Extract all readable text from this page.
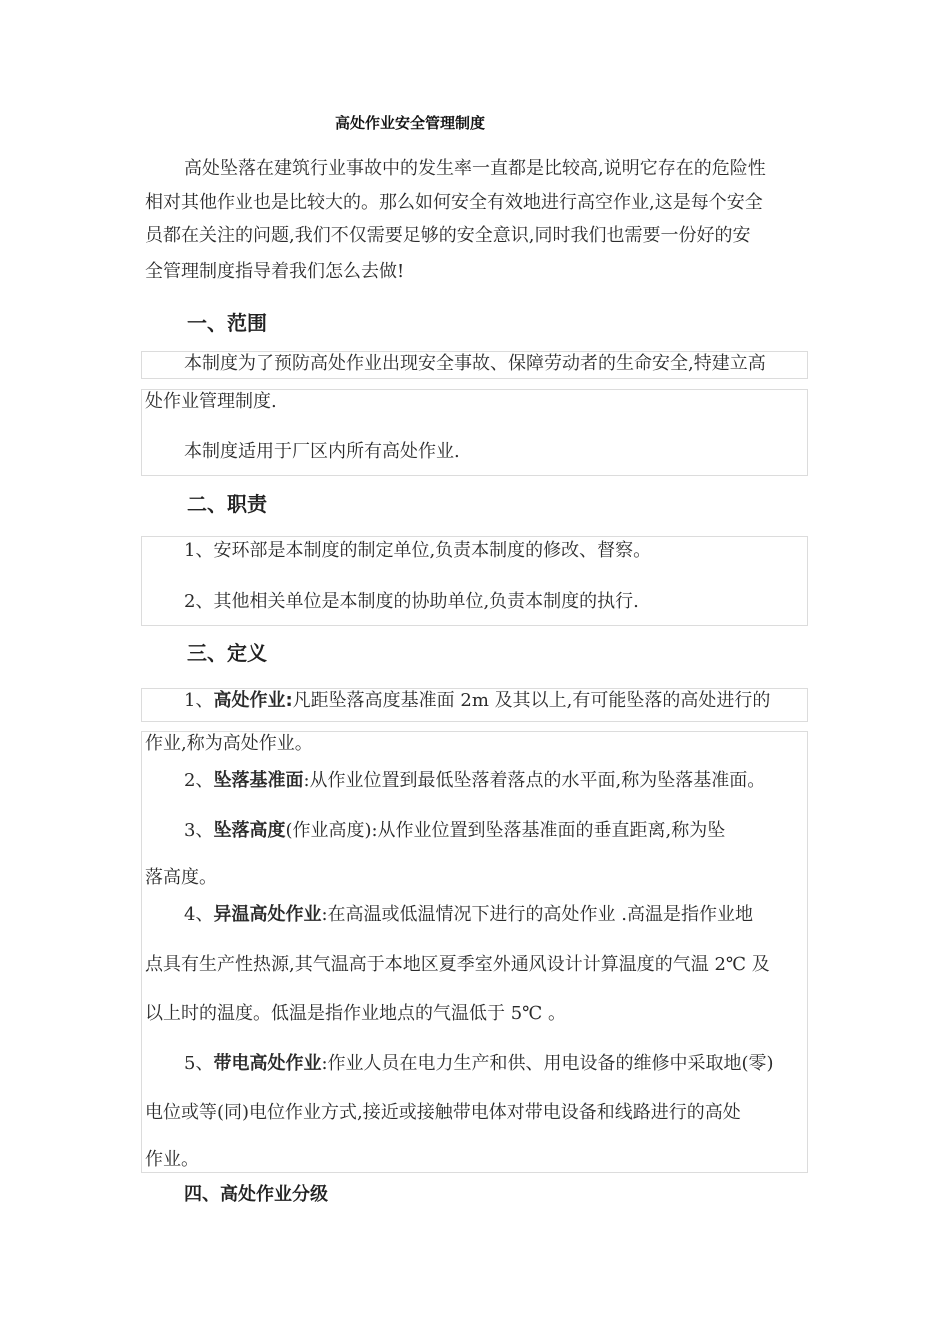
高处作业安全管理制度
高处坠落在建筑行业事故中的发生率一直都是比较高,说明它存在的危险性
相对其他作业也是比较大的。那么如何安全有效地进行高空作业,这是每个安全
员都在关注的问题,我们不仅需要足够的安全意识,同时我们也需要一份好的安
全管理制度指导着我们怎么去做!
一、范围
本制度为了预防高处作业出现安全事故、保障劳动者的生命安全,特建立高
处作业管理制度.
本制度适用于厂区内所有高处作业.
二、职责
1、安环部是本制度的制定单位,负责本制度的修改、督察。
2、其他相关单位是本制度的协助单位,负责本制度的执行.
三、定义
1、高处作业:凡距坠落高度基准面 2m 及其以上,有可能坠落的高处进行的
作业,称为高处作业。
2、坠落基准面:从作业位置到最低坠落着落点的水平面,称为坠落基准面。
3、坠落高度(作业高度):从作业位置到坠落基准面的垂直距离,称为坠
落高度。
4、异温高处作业:在高温或低温情况下进行的高处作业 .高温是指作业地
点具有生产性热源,其气温高于本地区夏季室外通风设计计算温度的气温 2℃ 及
以上时的温度。低温是指作业地点的气温低于 5℃ 。
5、带电高处作业:作业人员在电力生产和供、用电设备的维修中采取地(零)
电位或等(同)电位作业方式,接近或接触带电体对带电设备和线路进行的高处
作业。
四、高处作业分级
